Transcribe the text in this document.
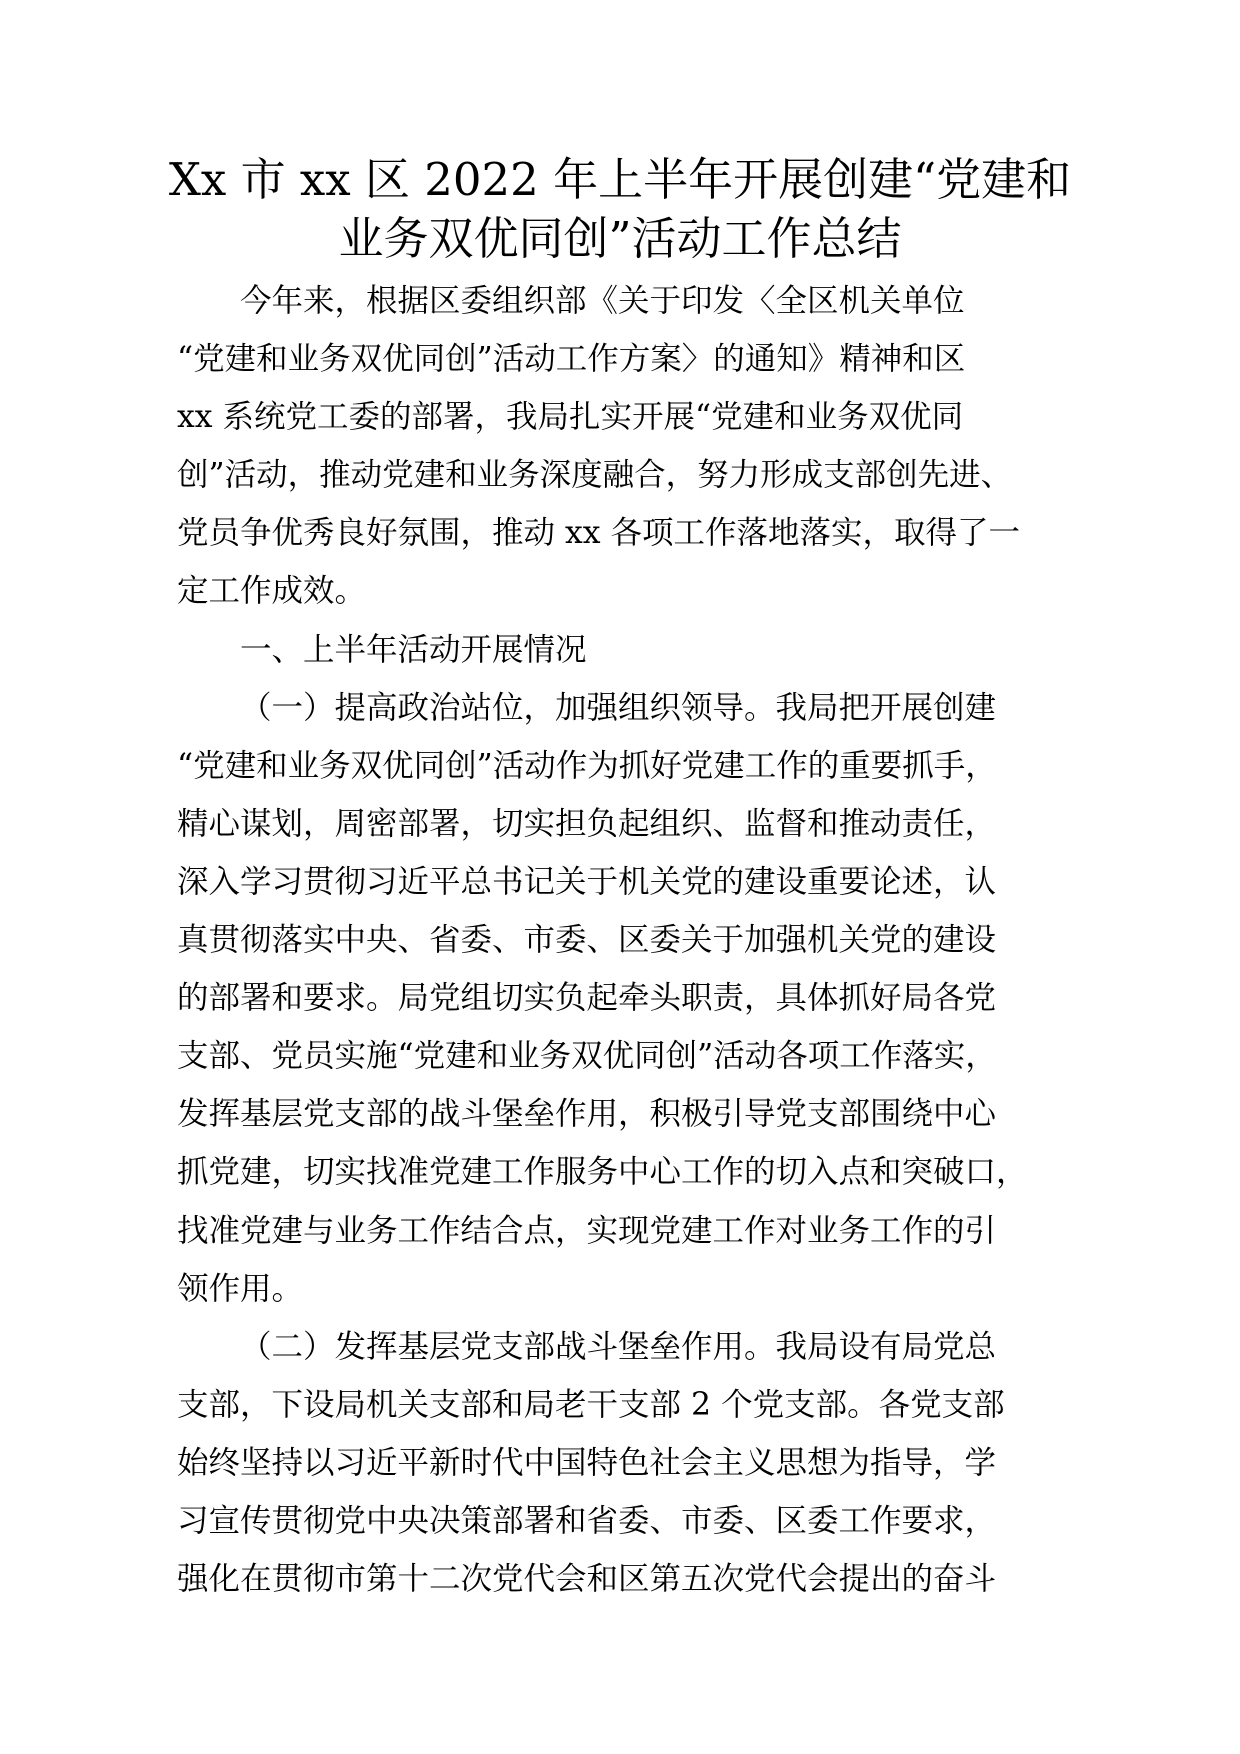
Xx 市 xx 区 2022 年上半年开展创建“党建和
业务双优同创”活动工作总结
今年来，根据区委组织部《关于印发〈全区机关单位
“党建和业务双优同创”活动工作方案〉的通知》精神和区
xx 系统党工委的部署，我局扎实开展“党建和业务双优同
创”活动，推动党建和业务深度融合，努力形成支部创先进、
党员争优秀良好氛围，推动 xx 各项工作落地落实，取得了一
定工作成效。
一、上半年活动开展情况
（一）提高政治站位，加强组织领导。我局把开展创建
“党建和业务双优同创”活动作为抓好党建工作的重要抓手，
精心谋划，周密部署，切实担负起组织、监督和推动责任，
深入学习贯彻习近平总书记关于机关党的建设重要论述，认
真贯彻落实中央、省委、市委、区委关于加强机关党的建设
的部署和要求。局党组切实负起牵头职责，具体抓好局各党
支部、党员实施“党建和业务双优同创”活动各项工作落实，
发挥基层党支部的战斗堡垒作用，积极引导党支部围绕中心
抓党建，切实找准党建工作服务中心工作的切入点和突破口，
找准党建与业务工作结合点，实现党建工作对业务工作的引
领作用。
（二）发挥基层党支部战斗堡垒作用。我局设有局党总
支部，下设局机关支部和局老干支部 2 个党支部。各党支部
始终坚持以习近平新时代中国特色社会主义思想为指导，学
习宣传贯彻党中央决策部署和省委、市委、区委工作要求，
强化在贯彻市第十二次党代会和区第五次党代会提出的奋斗
